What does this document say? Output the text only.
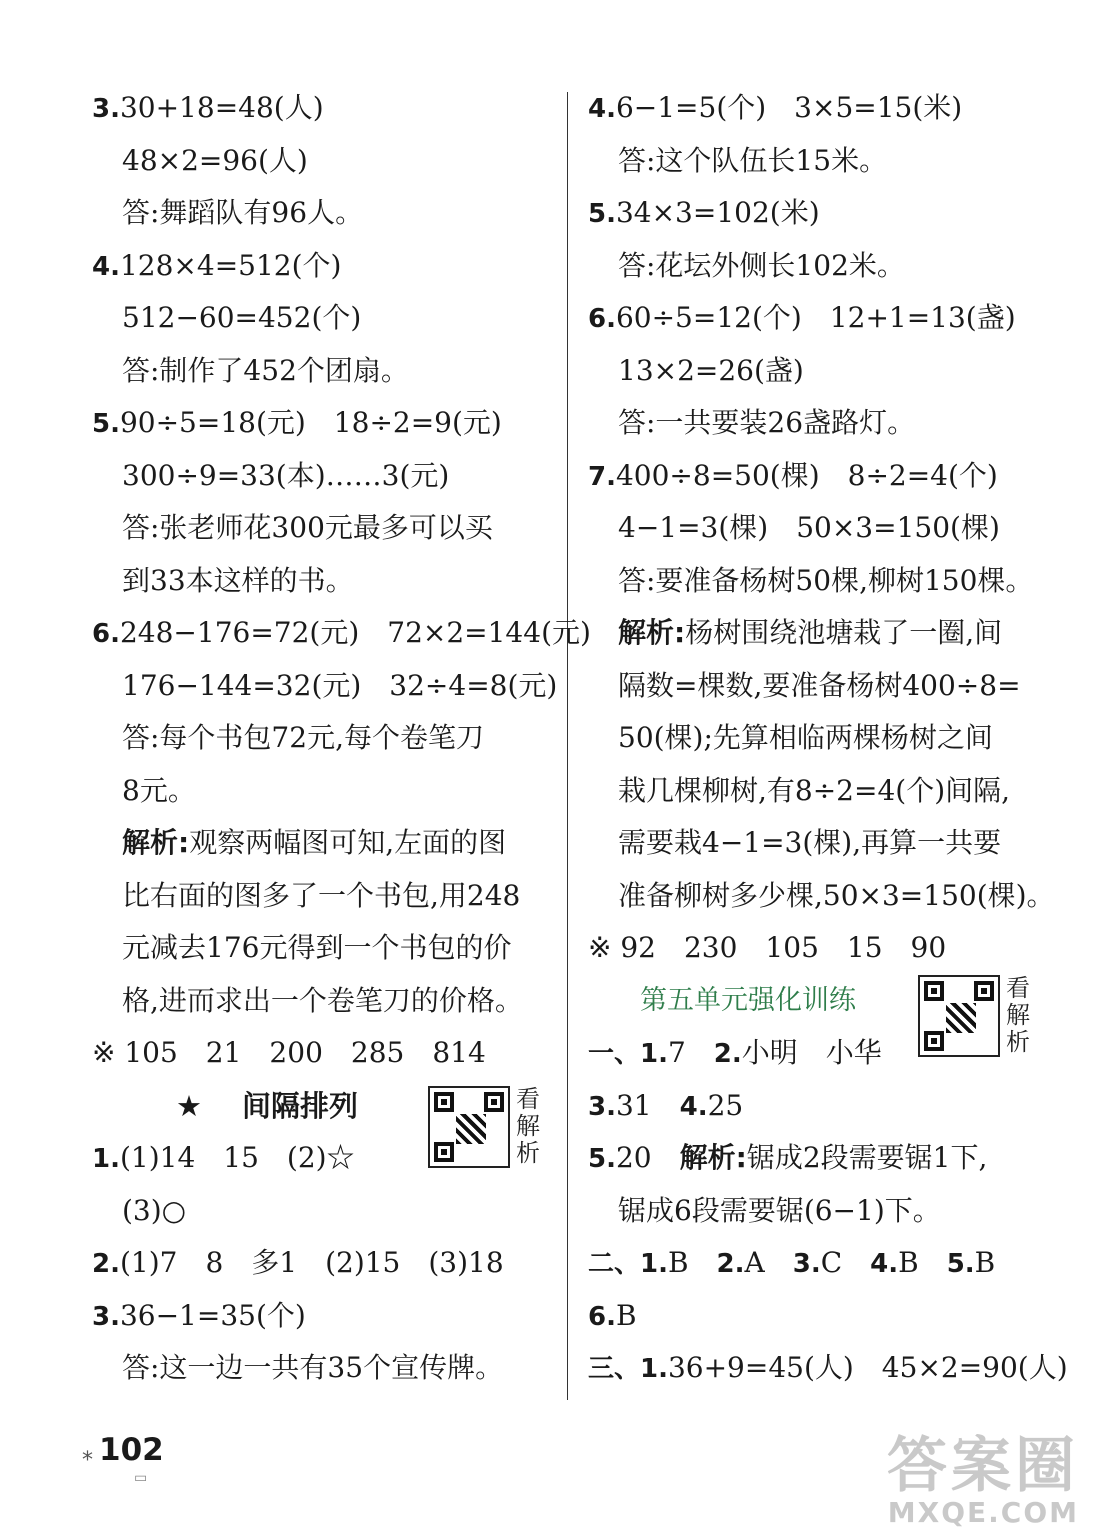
3.30+18=48(人)
48×2=96(人)
答:舞蹈队有96人。
4.128×4=512(个)
512−60=452(个)
答:制作了452个团扇。
5.90÷5=18(元)　18÷2=9(元)
300÷9=33(本)……3(元)
答:张老师花300元最多可以买
到33本这样的书。
6.248−176=72(元)　72×2=144(元)
176−144=32(元)　32÷4=8(元)
答:每个书包72元,每个卷笔刀
8元。
解析:观察两幅图可知,左面的图
比右面的图多了一个书包,用248
元减去176元得到一个书包的价
格,进而求出一个卷笔刀的价格。
※ 105　21　200　285　814
★ 间隔排列
1.(1)14　15　(2)☆
(3)○
2.(1)7　8　多1　(2)15　(3)18
3.36−1=35(个)
答:这一边一共有35个宣传牌。
4.6−1=5(个)　3×5=15(米)
答:这个队伍长15米。
5.34×3=102(米)
答:花坛外侧长102米。
6.60÷5=12(个)　12+1=13(盏)
13×2=26(盏)
答:一共要装26盏路灯。
7.400÷8=50(棵)　8÷2=4(个)
4−1=3(棵)　50×3=150(棵)
答:要准备杨树50棵,柳树150棵。
解析:杨树围绕池塘栽了一圈,间
隔数=棵数,要准备杨树400÷8=
50(棵);先算相临两棵杨树之间
栽几棵柳树,有8÷2=4(个)间隔,
需要栽4−1=3(棵),再算一共要
准备柳树多少棵,50×3=150(棵)。
※ 92　230　105　15　90
第五单元强化训练
一、1.7　2.小明　小华
3.31　4.25
5.20　解析:锯成2段需要锯1下,
锯成6段需要锯(6−1)下。
二、1.B　2.A　3.C　4.B　5.B
6.B
三、1.36+9=45(人)　45×2=90(人)
看
解
析
看
解
析
⁎ 102
▭	答案圈
MXQE.COM
